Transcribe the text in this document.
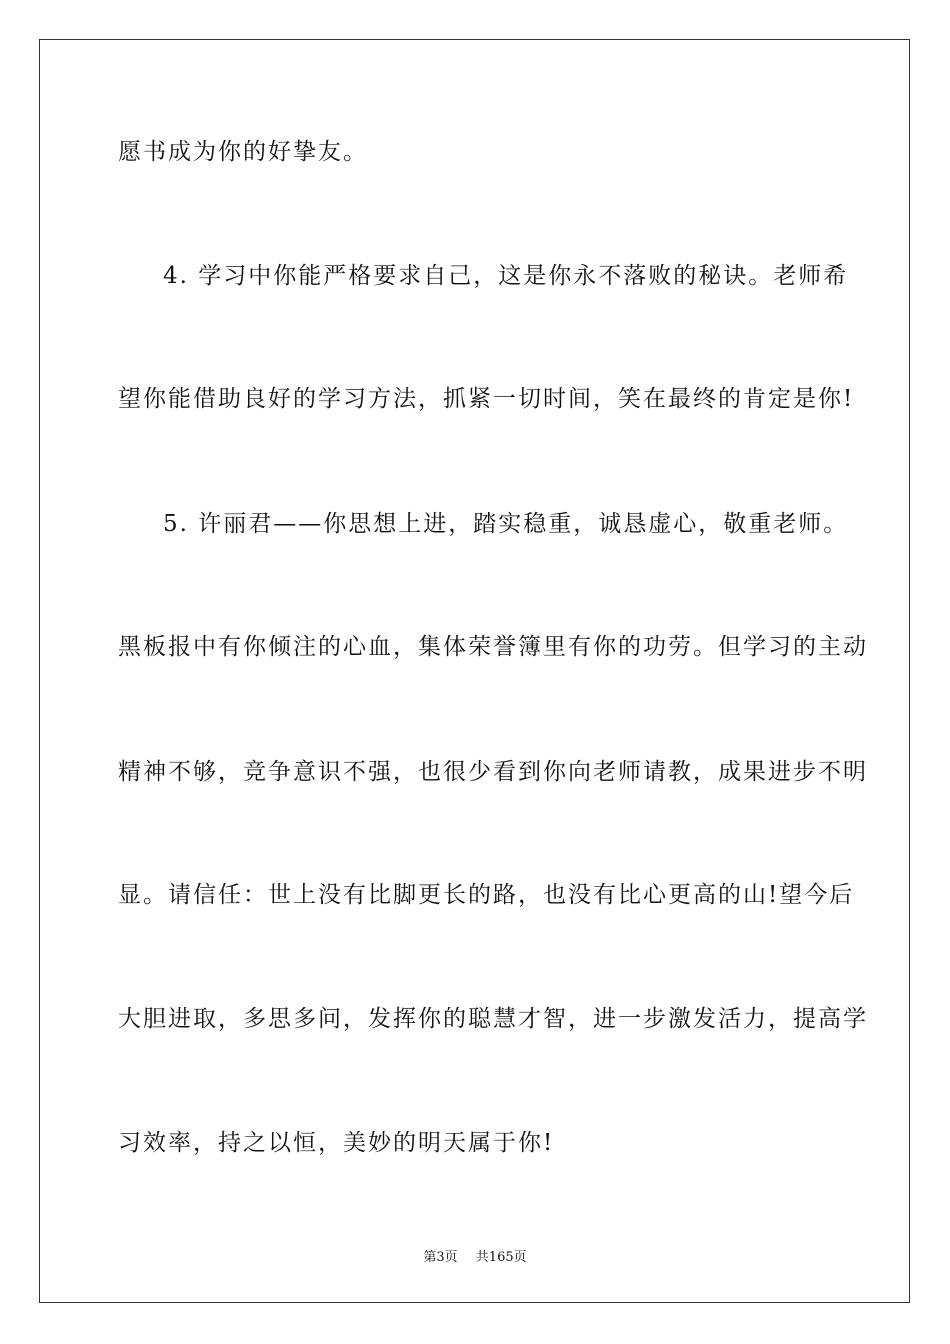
愿书成为你的好挚友。
4. 学习中你能严格要求自己，这是你永不落败的秘诀。老师希
望你能借助良好的学习方法，抓紧一切时间，笑在最终的肯定是你!
5. 许丽君——你思想上进，踏实稳重，诚恳虚心，敬重老师。
黑板报中有你倾注的心血，集体荣誉簿里有你的功劳。但学习的主动
精神不够，竞争意识不强，也很少看到你向老师请教，成果进步不明
显。请信任：世上没有比脚更长的路，也没有比心更高的山!望今后
大胆进取，多思多问，发挥你的聪慧才智，进一步激发活力，提高学
习效率，持之以恒，美妙的明天属于你!
第3页 共165页
